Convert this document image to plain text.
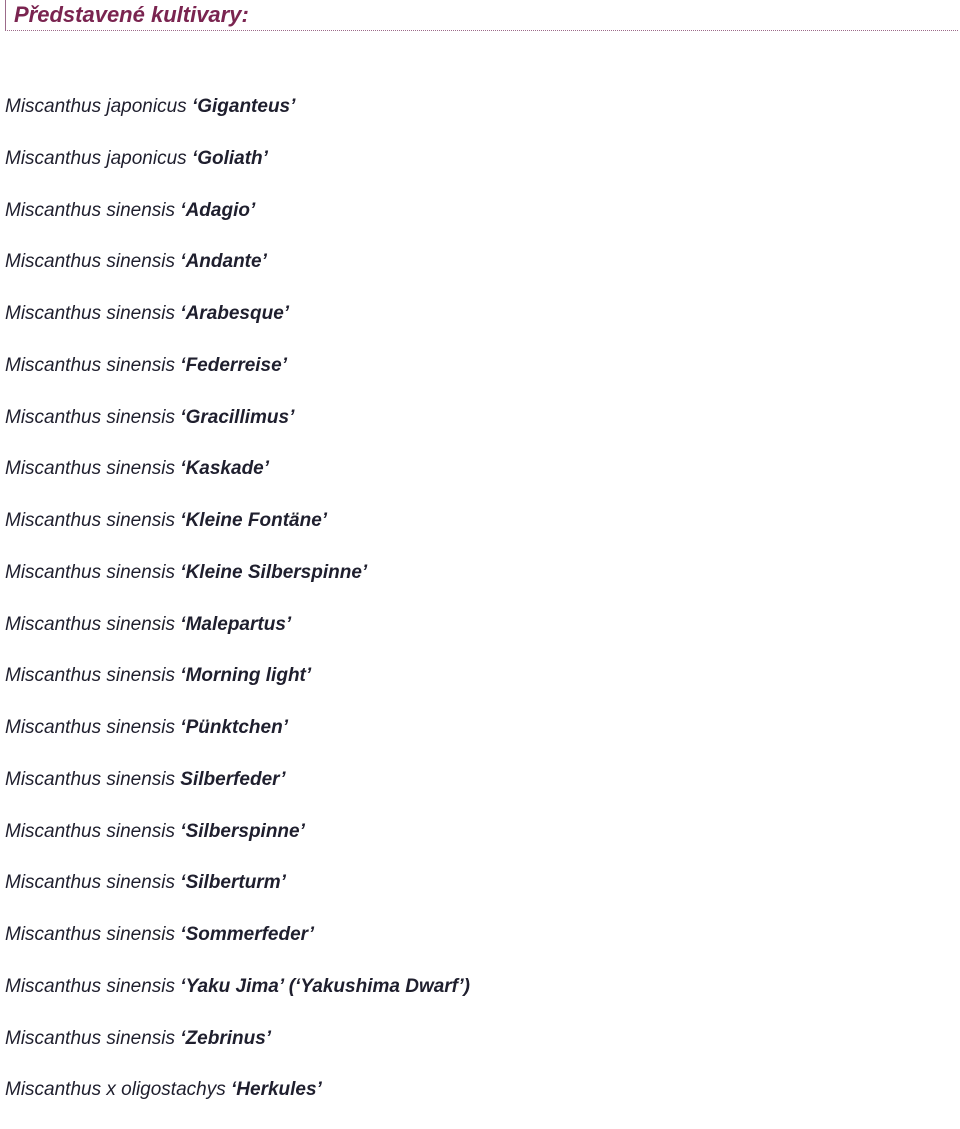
Představené kultivary:
Miscanthus japonicus ‘Giganteus’
Miscanthus japonicus ‘Goliath’
Miscanthus sinensis ‘Adagio’
Miscanthus sinensis ‘Andante’
Miscanthus sinensis ‘Arabesque’
Miscanthus sinensis ‘Federreise’
Miscanthus sinensis ‘Gracillimus’
Miscanthus sinensis ‘Kaskade’
Miscanthus sinensis ‘Kleine Fontäne’
Miscanthus sinensis ‘Kleine Silberspinne’
Miscanthus sinensis ‘Malepartus’
Miscanthus sinensis ‘Morning light’
Miscanthus sinensis ‘Pünktchen’
Miscanthus sinensis Silberfeder’
Miscanthus sinensis ‘Silberspinne’
Miscanthus sinensis ‘Silberturm’
Miscanthus sinensis ‘Sommerfeder’
Miscanthus sinensis ‘Yaku Jima’ (‘Yakushima Dwarf’)
Miscanthus sinensis ‘Zebrinus’
Miscanthus x oligostachys ‘Herkules’
